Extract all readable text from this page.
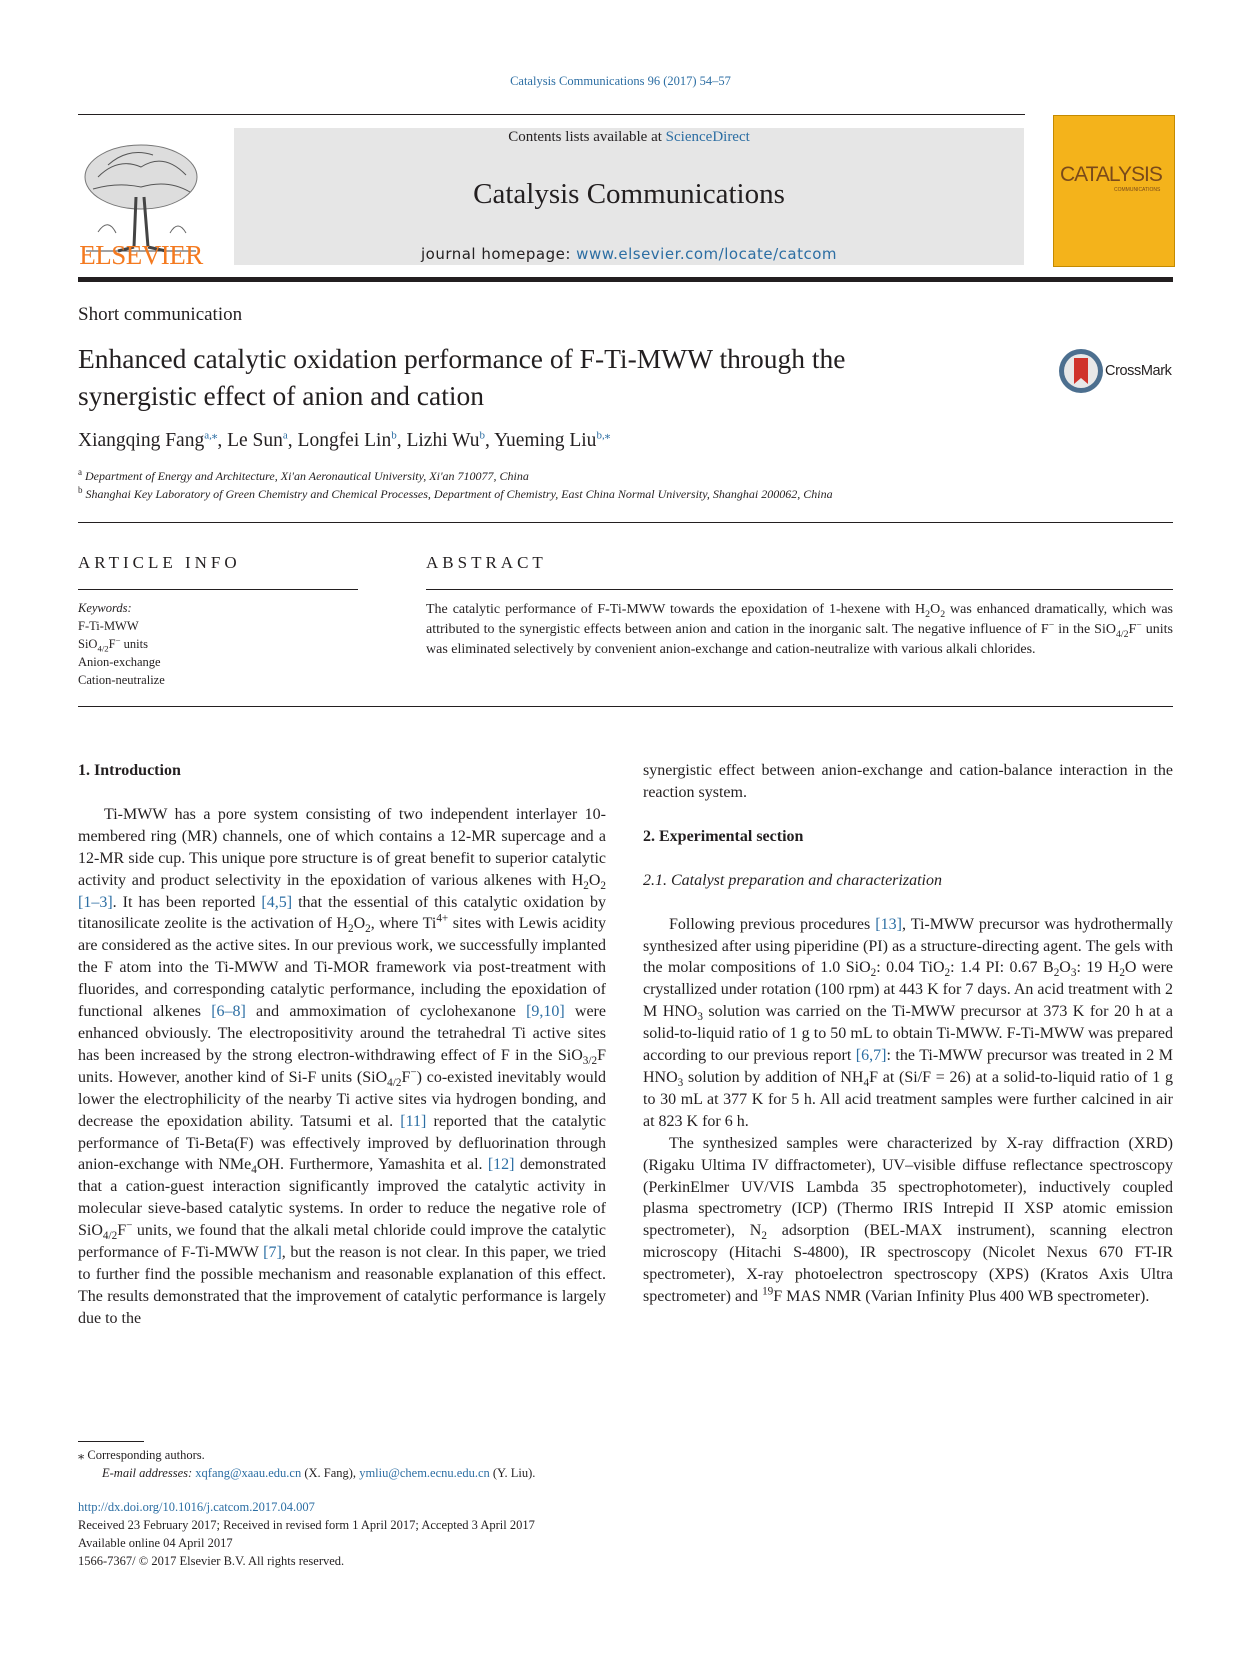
Catalysis Communications 96 (2017) 54–57
ELSEVIER
Contents lists available at ScienceDirect
Catalysis Communications
journal homepage: www.elsevier.com/locate/catcom
CATALYSIS
COMMUNICATIONS
Short communication
Enhanced catalytic oxidation performance of F-Ti-MWW through the
synergistic effect of anion and cation
CrossMark
Xiangqing Fang$^{a,⁎}$, Le Sun$^a$, Longfei Lin$^b$, Lizhi Wu$^b$, Yueming Liu$^{b,⁎}$
$^a$ Department of Energy and Architecture, Xi'an Aeronautical University, Xi'an 710077, China
$^b$ Shanghai Key Laboratory of Green Chemistry and Chemical Processes, Department of Chemistry, East China Normal University, Shanghai 200062, China
ARTICLE INFO
Keywords:
F-Ti-MWW
SiO$_{4/2}$F− units
Anion-exchange
Cation-neutralize
ABSTRACT
The catalytic performance of F-Ti-MWW towards the epoxidation of 1-hexene with $H_2O_2$ was enhanced dramatically, which was attributed to the synergistic effects between anion and cation in the inorganic salt. The negative influence of F− in the SiO$_{4/2}$F− units was eliminated selectively by convenient anion-exchange and cation-neutralize with various alkali chlorides.

1. Introduction

Ti-MWW has a pore system consisting of two independent interlayer 10-membered ring (MR) channels, one of which contains a 12-MR supercage and a 12-MR side cup. This unique pore structure is of great benefit to superior catalytic activity and product selectivity in the epoxidation of various alkenes with $H_2O_2$ [1–3]. It has been reported [4,5] that the essential of this catalytic oxidation by titanosilicate zeolite is the activation of $H_2O_2$, where $Ti^{4+}$ sites with Lewis acidity are considered as the active sites. In our previous work, we successfully implanted the F atom into the Ti-MWW and Ti-MOR framework via post-treatment with fluorides, and corresponding catalytic performance, including the epoxidation of functional alkenes [6–8] and ammoximation of cyclohexanone [9,10] were enhanced obviously. The electropositivity around the tetrahedral Ti active sites has been increased by the strong electron-withdrawing effect of F in the SiO$_{3/2}$F units. However, another kind of Si-F units (SiO$_{4/2}$F−) co-existed inevitably would lower the electrophilicity of the nearby Ti active sites via hydrogen bonding, and decrease the epoxidation ability. Tatsumi et al. [11] reported that the catalytic performance of Ti-Beta(F) was effectively improved by defluorination through anion-exchange with NMe$_4$OH. Furthermore, Yamashita et al. [12] demonstrated that a cation-guest interaction significantly improved the catalytic activity in molecular sieve-based catalytic systems. In order to reduce the negative role of SiO$_{4/2}$F− units, we found that the alkali metal chloride could improve the catalytic performance of F-Ti-MWW [7], but the reason is not clear. In this paper, we tried to further find the possible mechanism and reasonable explanation of this effect. The results demonstrated that the improvement of catalytic performance is largely due to the

synergistic effect between anion-exchange and cation-balance interaction in the reaction system.

2. Experimental section

2.1. Catalyst preparation and characterization

Following previous procedures [13], Ti-MWW precursor was hydrothermally synthesized after using piperidine (PI) as a structure-directing agent. The gels with the molar compositions of 1.0 SiO$_2$: 0.04 TiO$_2$: 1.4 PI: 0.67 $B_2O_3$: 19 $H_2O$ were crystallized under rotation (100 rpm) at 443 K for 7 days. An acid treatment with 2 M $HNO_3$ solution was carried on the Ti-MWW precursor at 373 K for 20 h at a solid-to-liquid ratio of 1 g to 50 mL to obtain Ti-MWW. F-Ti-MWW was prepared according to our previous report [6,7]: the Ti-MWW precursor was treated in 2 M $HNO_3$ solution by addition of $NH_4F$ at (Si/F = 26) at a solid-to-liquid ratio of 1 g to 30 mL at 377 K for 5 h. All acid treatment samples were further calcined in air at 823 K for 6 h.

The synthesized samples were characterized by X-ray diffraction (XRD) (Rigaku Ultima IV diffractometer), UV–visible diffuse reflectance spectroscopy (PerkinElmer UV/VIS Lambda 35 spectrophotometer), inductively coupled plasma spectrometry (ICP) (Thermo IRIS Intrepid II XSP atomic emission spectrometer), $N_2$ adsorption (BEL-MAX instrument), scanning electron microscopy (Hitachi S-4800), IR spectroscopy (Nicolet Nexus 670 FT-IR spectrometer), X-ray photoelectron spectroscopy (XPS) (Kratos Axis Ultra spectrometer) and $^{19}$F MAS NMR (Varian Infinity Plus 400 WB spectrometer).

⁎ Corresponding authors.
E-mail addresses: xqfang@xaau.edu.cn (X. Fang), ymliu@chem.ecnu.edu.cn (Y. Liu).
http://dx.doi.org/10.1016/j.catcom.2017.04.007
Received 23 February 2017; Received in revised form 1 April 2017; Accepted 3 April 2017
Available online 04 April 2017
1566-7367/ © 2017 Elsevier B.V. All rights reserved.
